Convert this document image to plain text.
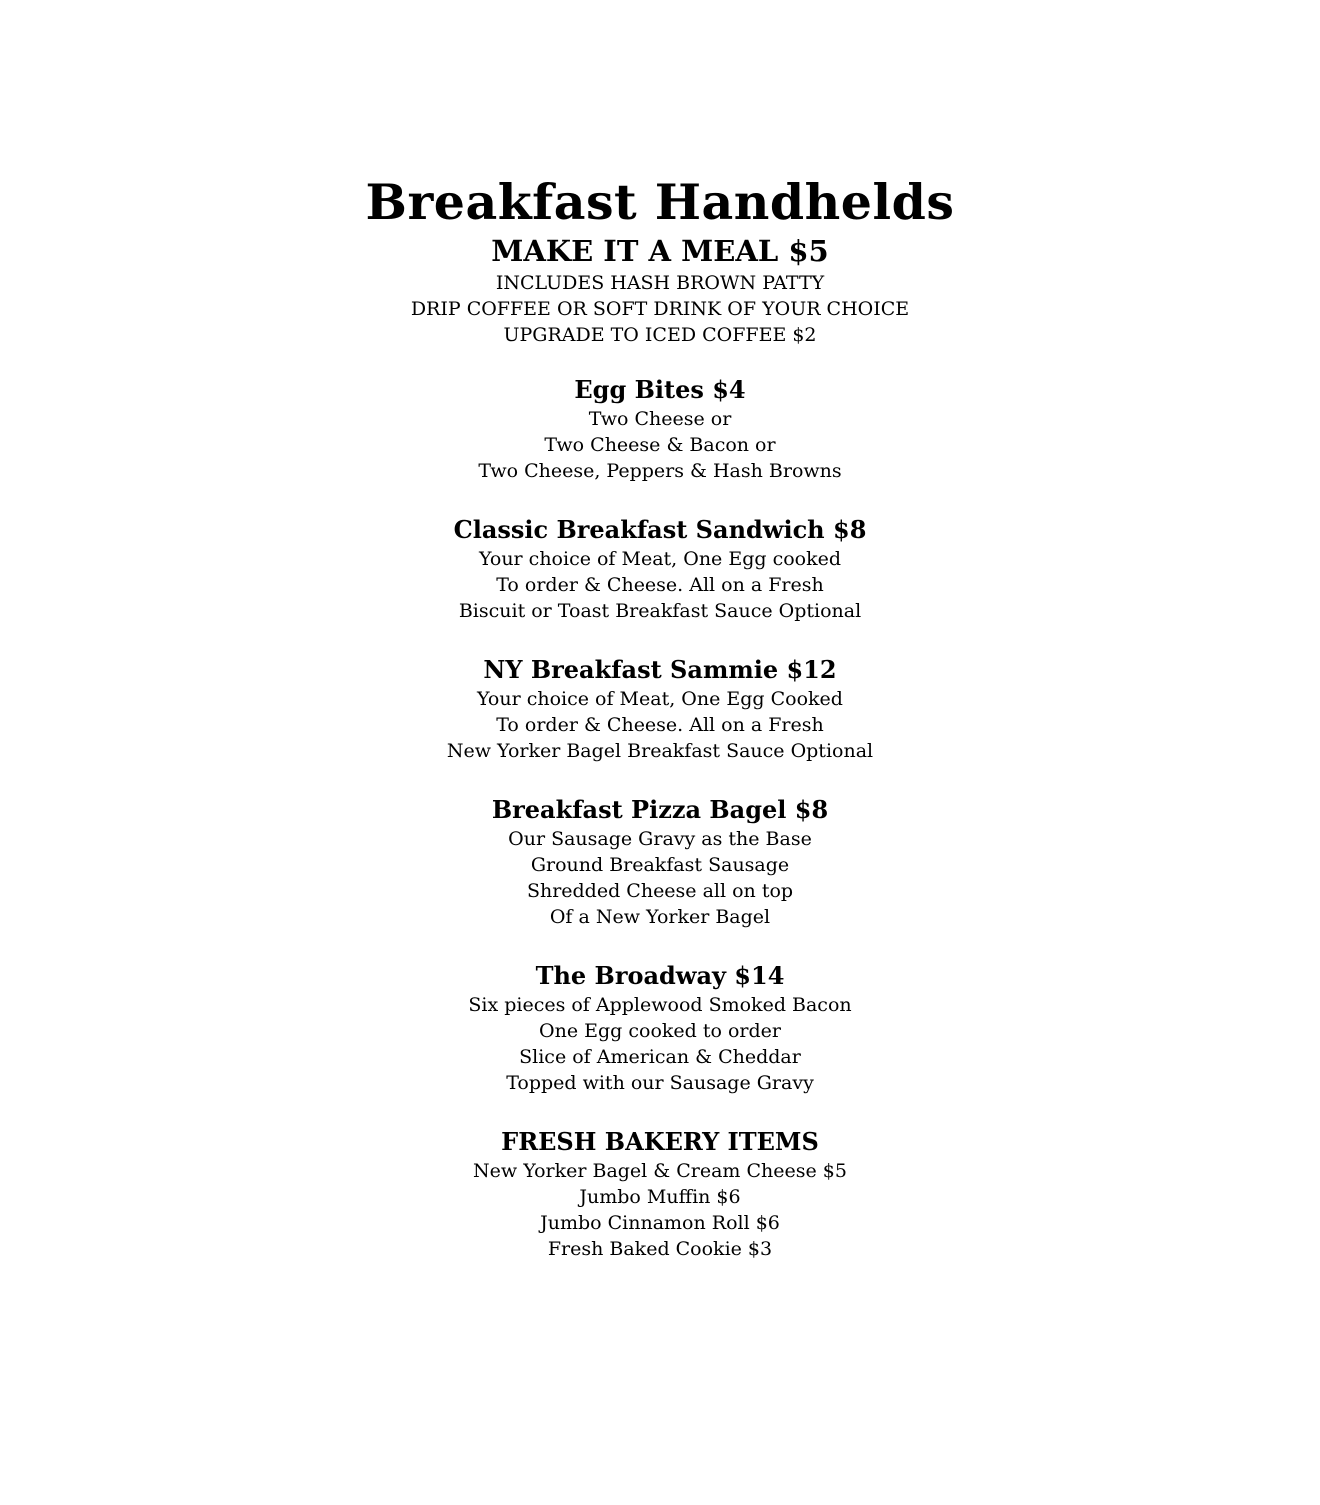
Breakfast Handhelds
MAKE IT A MEAL $5

INCLUDES HASH BROWN PATTY

DRIP COFFEE OR SOFT DRINK OF YOUR CHOICE

UPGRADE TO ICED COFFEE $2

Egg Bites $4

Two Cheese or

Two Cheese & Bacon or

Two Cheese, Peppers & Hash Browns

Classic Breakfast Sandwich $8

Your choice of Meat, One Egg cooked

To order & Cheese. All on a Fresh

Biscuit or Toast Breakfast Sauce Optional

NY Breakfast Sammie $12

Your choice of Meat, One Egg Cooked

To order & Cheese. All on a Fresh

New Yorker Bagel Breakfast Sauce Optional

Breakfast Pizza Bagel $8

Our Sausage Gravy as the Base

Ground Breakfast Sausage

Shredded Cheese all on top

Of a New Yorker Bagel

The Broadway $14

Six pieces of Applewood Smoked Bacon

One Egg cooked to order

Slice of American & Cheddar

Topped with our Sausage Gravy

FRESH BAKERY ITEMS

New Yorker Bagel & Cream Cheese $5

Jumbo Muffin $6

Jumbo Cinnamon Roll $6

Fresh Baked Cookie $3
